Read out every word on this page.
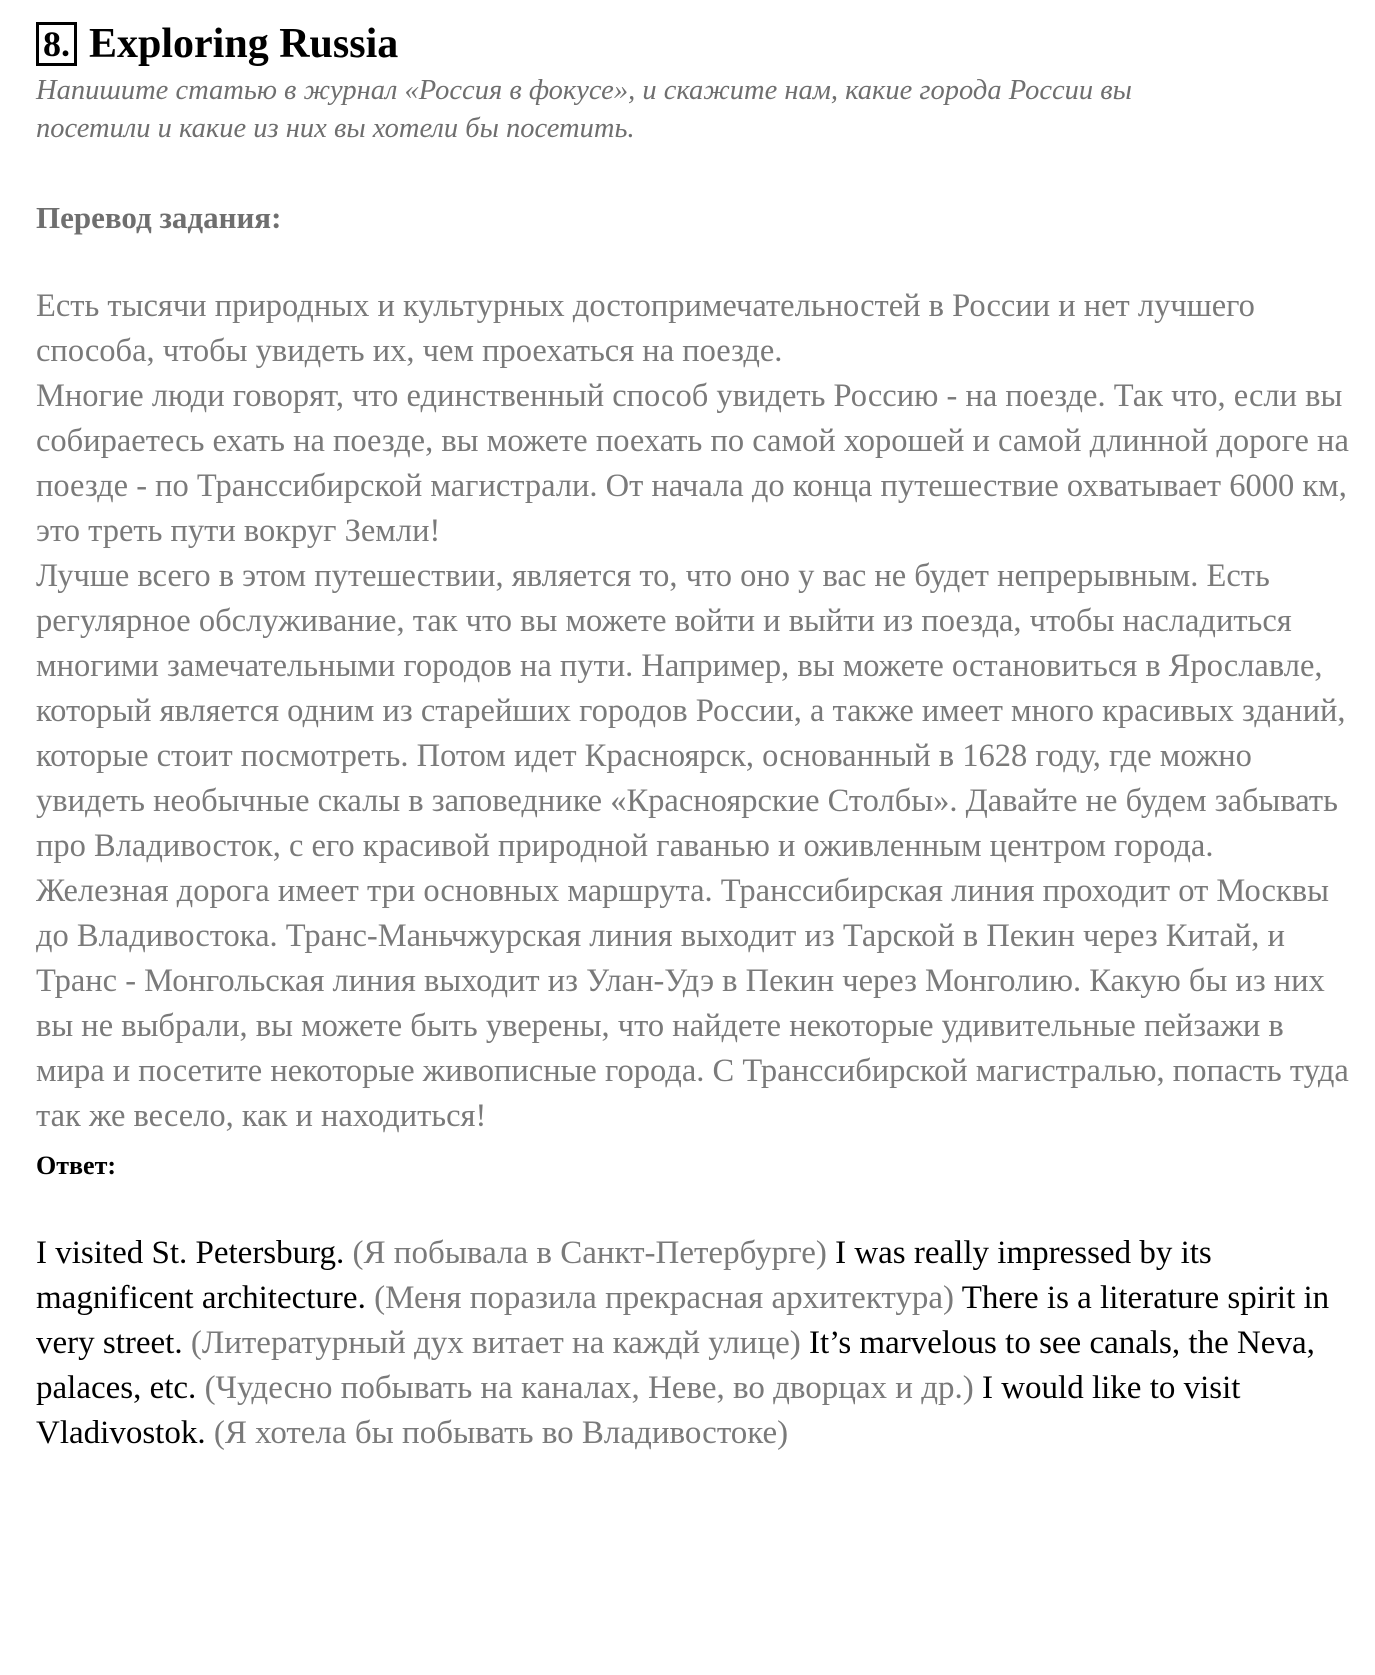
8. Exploring Russia
Напишите статью в журнал «Россия в фокусе», и скажите нам, какие города России вы
посетили и какие из них вы хотели бы посетить.
Перевод задания:

Есть тысячи природных и культурных достопримечательностей в России и нет лучшего способа, чтобы увидеть их, чем проехаться на поезде.

Многие люди говорят, что единственный способ увидеть Россию - на поезде. Так что, если вы собираетесь ехать на поезде, вы можете поехать по самой хорошей и самой длинной дороге на поезде - по Транссибирской магистрали. От начала до конца путешествие охватывает 6000 км, это треть пути вокруг Земли!

Лучше всего в этом путешествии, является то, что оно у вас не будет непрерывным. Есть регулярное обслуживание, так что вы можете войти и выйти из поезда, чтобы насладиться многими замечательными городов на пути. Например, вы можете остановиться в Ярославле, который является одним из старейших городов России, а также имеет много красивых зданий, которые стоит посмотреть. Потом идет Красноярск, основанный в 1628 году, где можно увидеть необычные скалы в заповеднике «Красноярские Столбы». Давайте не будем забывать про Владивосток, с его красивой природной гаванью и оживленным центром города.

Железная дорога имеет три основных маршрута. Транссибирская линия проходит от Москвы до Владивостока. Транс-Маньчжурская линия выходит из Тарской в Пекин через Китай, и Транс - Монгольская линия выходит из Улан-Удэ в Пекин через Монголию. Какую бы из них вы не выбрали, вы можете быть уверены, что найдете некоторые удивительные пейзажи в мира и посетите некоторые живописные города. С Транссибирской магистралью, попасть туда так же весело, как и находиться!

Ответ:
I visited St. Petersburg. (Я побывала в Санкт-Петербурге) I was really impressed by its magnificent architecture. (Меня поразила прекрасная архитектура) There is a literature spirit in very street. (Литературный дух витает на каждй улице) It’s marvelous to see canals, the Neva, palaces, etc. (Чудесно побывать на каналах, Неве, во дворцах и др.) I would like to visit Vladivostok. (Я хотела бы побывать во Владивостоке)
